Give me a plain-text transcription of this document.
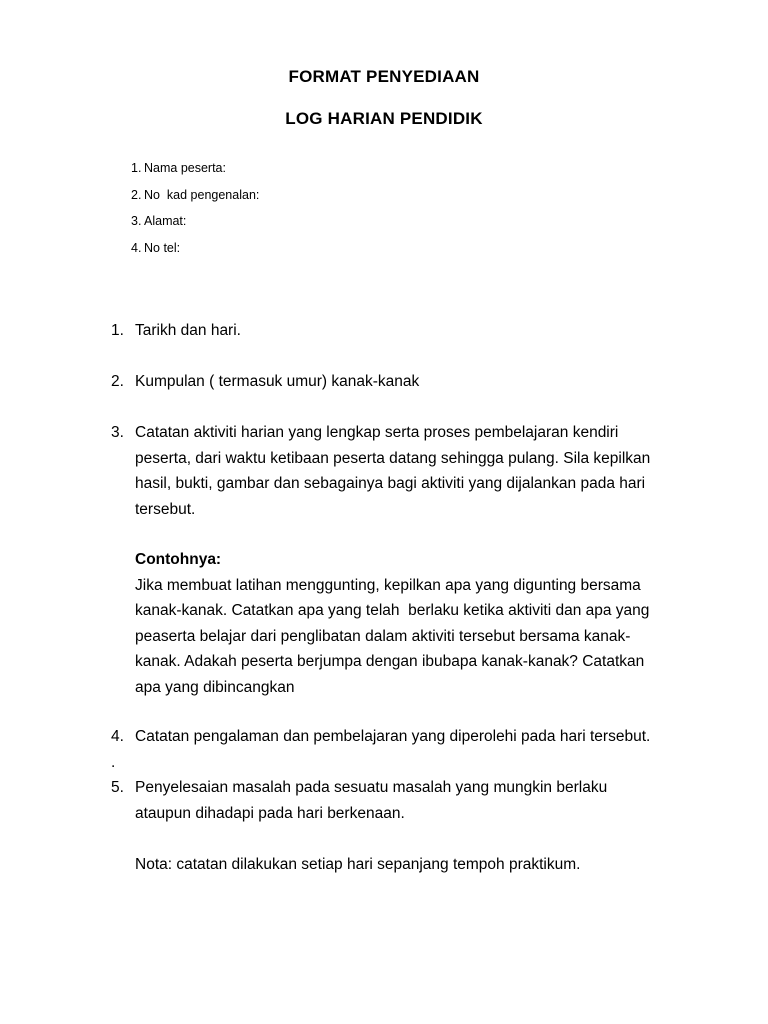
FORMAT PENYEDIAAN
LOG HARIAN PENDIDIK
1. Nama peserta:
2. No  kad pengenalan:
3. Alamat:
4. No tel:
1. Tarikh dan hari.
2. Kumpulan ( termasuk umur) kanak-kanak
3. Catatan aktiviti harian yang lengkap serta proses pembelajaran kendiri

peserta, dari waktu ketibaan peserta datang sehingga pulang. Sila kepilkan

hasil, bukti, gambar dan sebagainya bagi aktiviti yang dijalankan pada hari

tersebut.

Contohnya:

Jika membuat latihan menggunting, kepilkan apa yang digunting bersama

kanak-kanak. Catatkan apa yang telah  berlaku ketika aktiviti dan apa yang

peaserta belajar dari penglibatan dalam aktiviti tersebut bersama kanak-

kanak. Adakah peserta berjumpa dengan ibubapa kanak-kanak? Catatkan

apa yang dibincangkan

4. Catatan pengalaman dan pembelajaran yang diperolehi pada hari tersebut.
.
5. Penyelesaian masalah pada sesuatu masalah yang mungkin berlaku
ataupun dihadapi pada hari berkenaan.
Nota: catatan dilakukan setiap hari sepanjang tempoh praktikum.
